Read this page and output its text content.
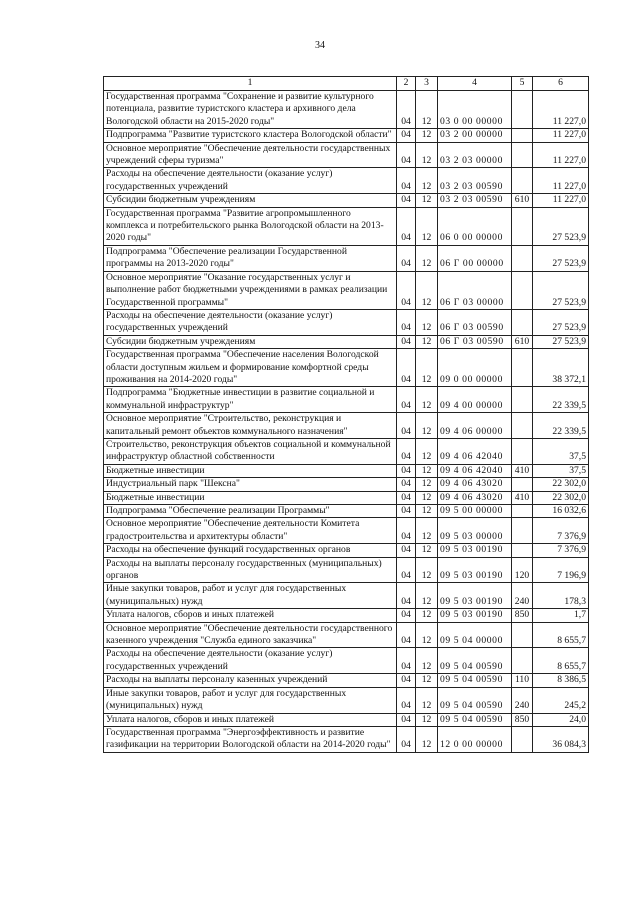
34
1	2	3	4	5	6
Государственная программа "Сохранение и развитие культурного потенциала, развитие туристского кластера и архивного дела Вологодской области на 2015-2020 годы"	04	12	03 0 00 00000		11 227,0
Подпрограмма "Развитие туристского кластера Вологодской области"	04	12	03 2 00 00000		11 227,0
Основное мероприятие "Обеспечение деятельности государственных учреждений сферы туризма"	04	12	03 2 03 00000		11 227,0
Расходы на обеспечение деятельности (оказание услуг) государственных учреждений	04	12	03 2 03 00590		11 227,0
Субсидии бюджетным учреждениям	04	12	03 2 03 00590	610	11 227,0
Государственная программа "Развитие агропромышленного комплекса и потребительского рынка Вологодской области на 2013-2020 годы"	04	12	06 0 00 00000		27 523,9
Подпрограмма "Обеспечение реализации Государственной программы на 2013-2020 годы"	04	12	06 Г 00 00000		27 523,9
Основное мероприятие "Оказание государственных услуг и выполнение работ бюджетными учреждениями в рамках реализации Государственной программы"	04	12	06 Г 03 00000		27 523,9
Расходы на обеспечение деятельности (оказание услуг) государственных учреждений	04	12	06 Г 03 00590		27 523,9
Субсидии бюджетным учреждениям	04	12	06 Г 03 00590	610	27 523,9
Государственная программа "Обеспечение населения Вологодской области доступным жильем и формирование комфортной среды проживания на 2014-2020 годы"	04	12	09 0 00 00000		38 372,1
Подпрограмма "Бюджетные инвестиции в развитие социальной и коммунальной инфраструктур"	04	12	09 4 00 00000		22 339,5
Основное мероприятие "Строительство, реконструкция и капитальный ремонт объектов коммунального назначения"	04	12	09 4 06 00000		22 339,5
Строительство, реконструкция объектов социальной и коммунальной инфраструктур областной собственности	04	12	09 4 06 42040		37,5
Бюджетные инвестиции	04	12	09 4 06 42040	410	37,5
Индустриальный парк "Шексна"	04	12	09 4 06 43020		22 302,0
Бюджетные инвестиции	04	12	09 4 06 43020	410	22 302,0
Подпрограмма "Обеспечение реализации Программы"	04	12	09 5 00 00000		16 032,6
Основное мероприятие "Обеспечение деятельности Комитета градостроительства и архитектуры области"	04	12	09 5 03 00000		7 376,9
Расходы на обеспечение функций государственных органов	04	12	09 5 03 00190		7 376,9
Расходы на выплаты персоналу государственных (муниципальных) органов	04	12	09 5 03 00190	120	7 196,9
Иные закупки товаров, работ и услуг для государственных (муниципальных) нужд	04	12	09 5 03 00190	240	178,3
Уплата налогов, сборов и иных платежей	04	12	09 5 03 00190	850	1,7
Основное мероприятие "Обеспечение деятельности государственного казенного учреждения "Служба единого заказчика"	04	12	09 5 04 00000		8 655,7
Расходы на обеспечение деятельности (оказание услуг) государственных учреждений	04	12	09 5 04 00590		8 655,7
Расходы на выплаты персоналу казенных учреждений	04	12	09 5 04 00590	110	8 386,5
Иные закупки товаров, работ и услуг для государственных (муниципальных) нужд	04	12	09 5 04 00590	240	245,2
Уплата налогов, сборов и иных платежей	04	12	09 5 04 00590	850	24,0
Государственная программа "Энергоэффективность и развитие газификации на территории Вологодской области на 2014-2020 годы"	04	12	12 0 00 00000		36 084,3
